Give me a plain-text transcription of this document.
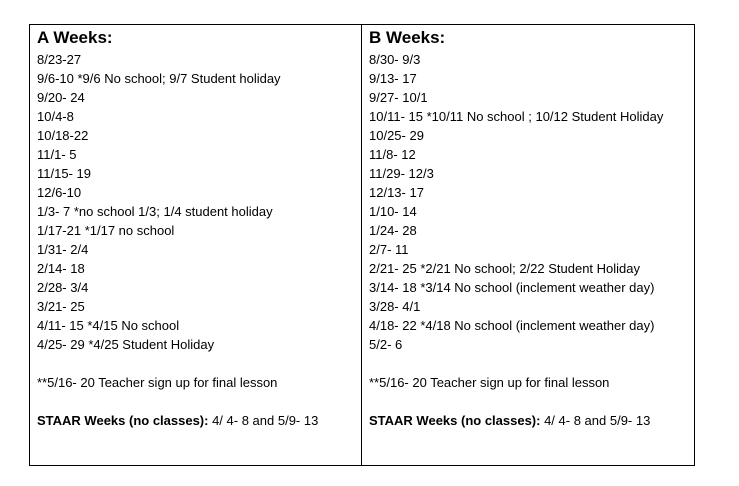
A Weeks:
8/23-27
9/6-10 *9/6 No school; 9/7 Student holiday
9/20- 24
10/4-8
10/18-22
11/1- 5
11/15- 19
12/6-10
1/3- 7 *no school 1/3; 1/4 student holiday
1/17-21 *1/17 no school
1/31- 2/4
2/14- 18
2/28- 3/4
3/21- 25
4/11- 15 *4/15 No school
4/25- 29 *4/25 Student Holiday
**5/16- 20 Teacher sign up for final lesson
STAAR Weeks (no classes): 4/ 4- 8 and 5/9- 13
B Weeks:
8/30- 9/3
9/13- 17
9/27- 10/1
10/11- 15 *10/11 No school ; 10/12 Student Holiday
10/25- 29
11/8- 12
11/29- 12/3
12/13- 17
1/10- 14
1/24- 28
2/7- 11
2/21- 25 *2/21 No school; 2/22 Student Holiday
3/14- 18 *3/14 No school (inclement weather day)
3/28- 4/1
4/18- 22 *4/18 No school (inclement weather day)
5/2- 6
**5/16- 20 Teacher sign up for final lesson
STAAR Weeks (no classes): 4/ 4- 8 and 5/9- 13
